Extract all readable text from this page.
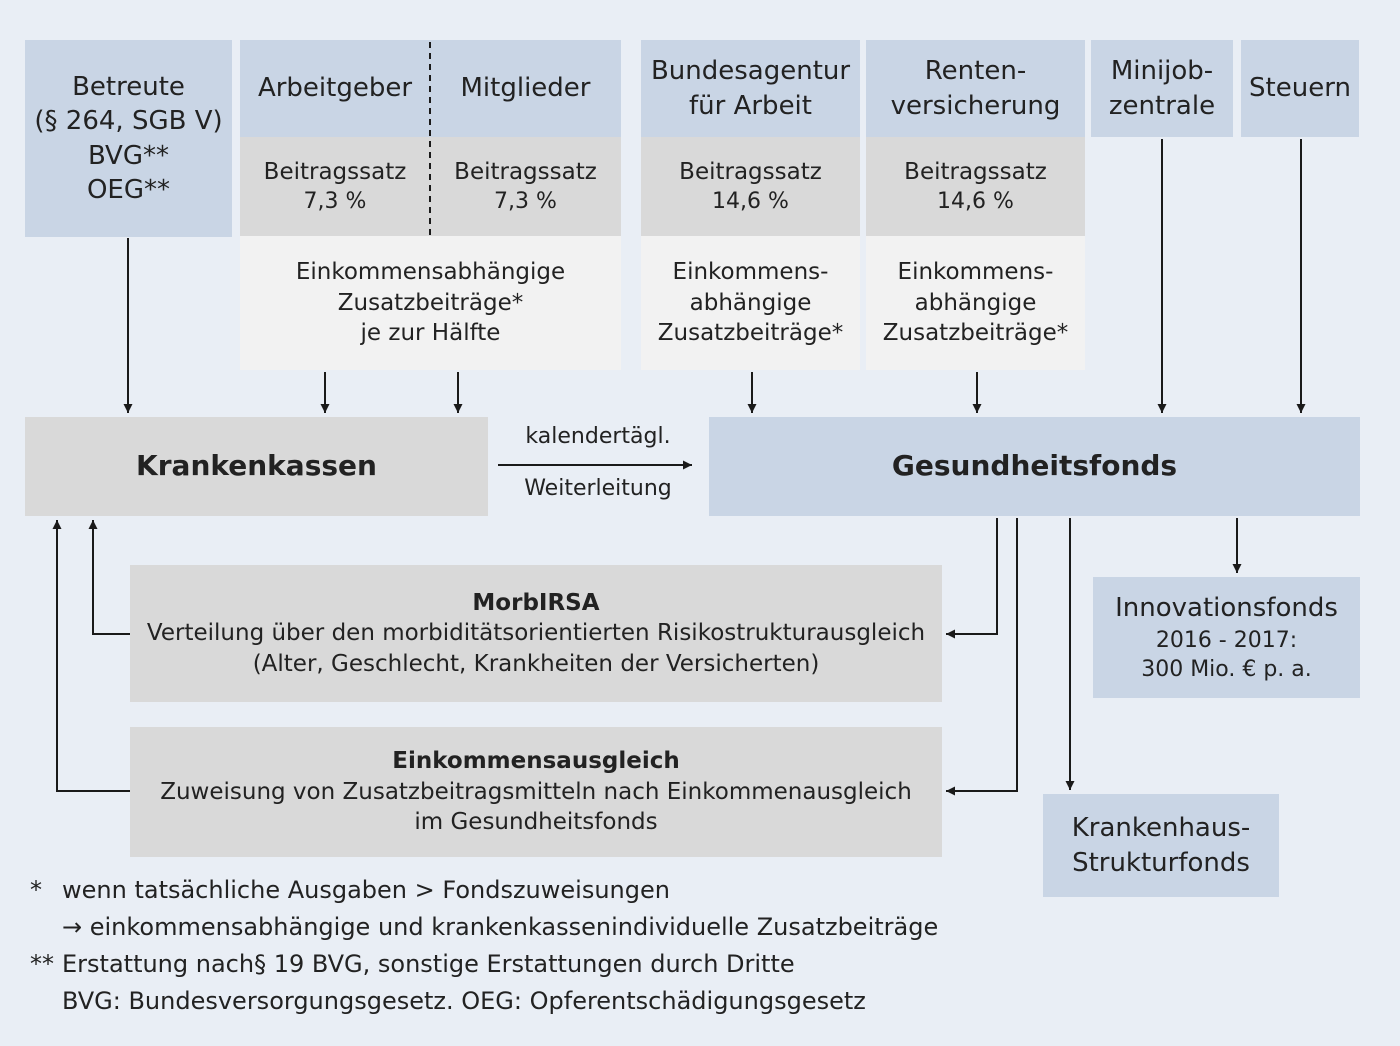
Betreute
(§ 264, SGB V)
BVG**
OEG**
Arbeitgeber Mitglieder
Beitragssatz
7,3 %
Beitragssatz
7,3 %
Einkommensabhängige
Zusatzbeiträge*
je zur Hälfte
Bundesagentur
für Arbeit
Beitragssatz
14,6 %
Einkommens-
abhängige
Zusatzbeiträge*
Renten-
versicherung
Beitragssatz
14,6 %
Einkommens-
abhängige
Zusatzbeiträge*
Minijob-
zentrale
Steuern
Krankenkassen	Gesundheitsfonds
kalendertägl.
Weiterleitung
MorbIRSA
Verteilung über den morbiditätsorientierten Risikostrukturausgleich
(Alter, Geschlecht, Krankheiten der Versicherten)
Einkommensausgleich
Zuweisung von Zusatzbeitragsmitteln nach Einkommenausgleich
im Gesundheitsfonds
Innovationsfonds
2016 - 2017:
300 Mio. € p. a.
Krankenhaus-
Strukturfonds
* wenn tatsächliche Ausgaben > Fondszuweisungen
→ einkommensabhängige und krankenkassenindividuelle Zusatzbeiträge
** Erstattung nach§ 19 BVG, sonstige Erstattungen durch Dritte
BVG: Bundesversorgungsgesetz. OEG: Opferentschädigungsgesetz
